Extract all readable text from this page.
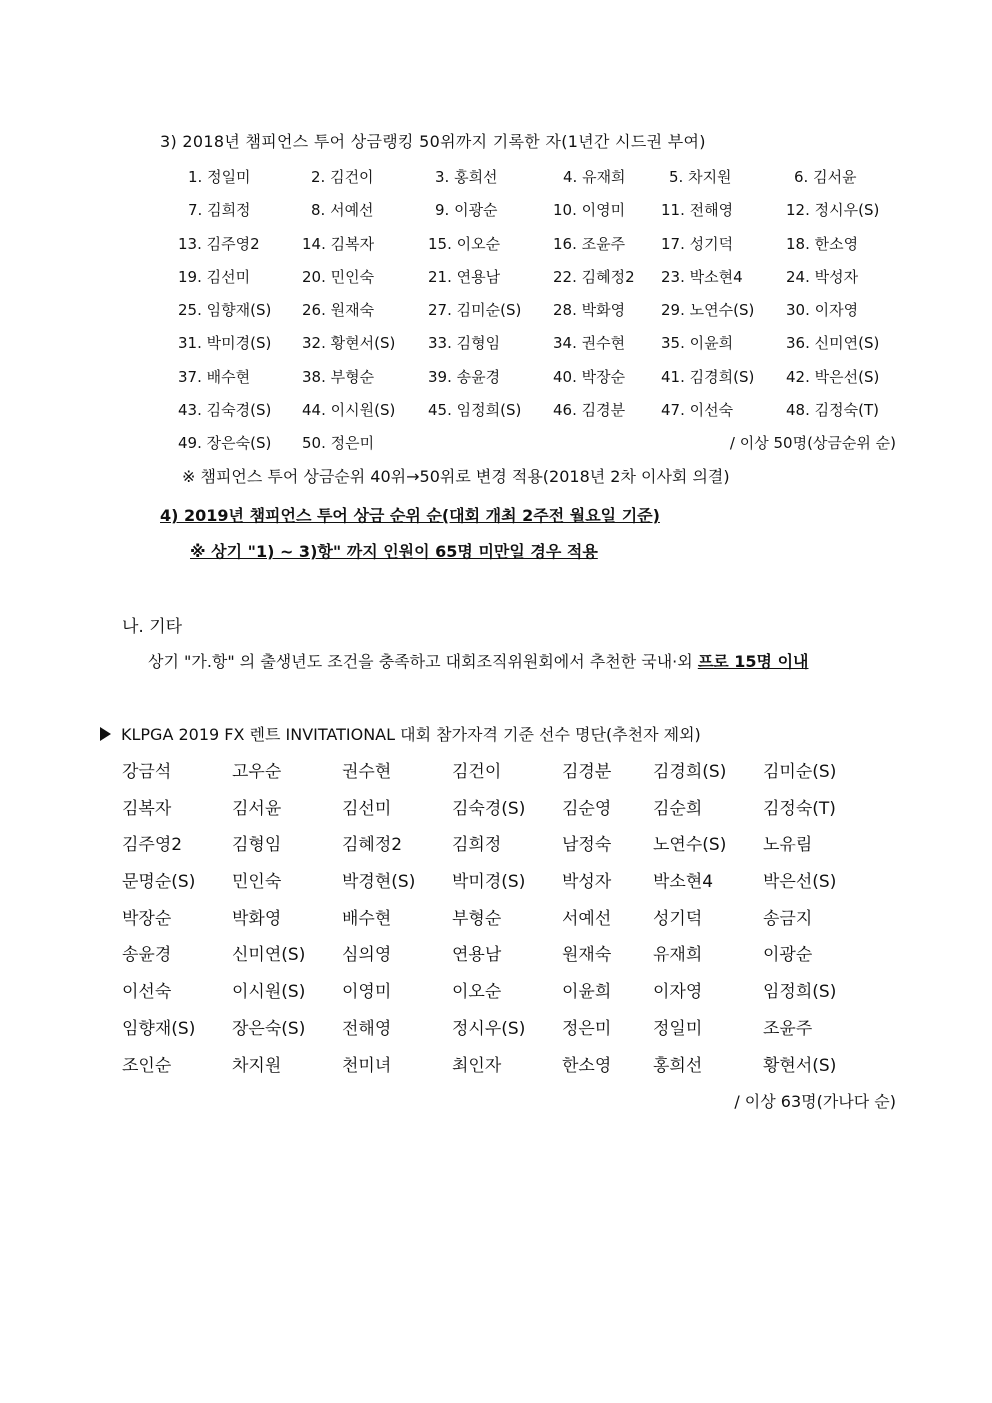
3) 2018년 챔피언스 투어 상금랭킹 50위까지 기록한 자(1년간 시드권 부여)
1. 정일미	2. 김건이	3. 홍희선	4. 유재희	5. 차지원	6. 김서윤
7. 김희정	8. 서예선	9. 이광순	10. 이영미 11. 전해영	12. 정시우(S)
13. 김주영2	14. 김복자	15. 이오순	16. 조윤주 17. 성기덕	18. 한소영
19. 김선미	20. 민인숙	21. 연용남	22. 김혜정2 23. 박소현4	24. 박성자
25. 임향재(S) 26. 원재숙	27. 김미순(S) 28. 박화영 29. 노연수(S) 30. 이자영
31. 박미경(S) 32. 황현서(S) 33. 김형임	34. 권수현 35. 이윤희	36. 신미연(S)
37. 배수현	38. 부형순	39. 송윤경	40. 박장순 41. 김경희(S) 42. 박은선(S)
43. 김숙경(S) 44. 이시원(S) 45. 임정희(S) 46. 김경분 47. 이선숙	48. 김정숙(T)
49. 장은숙(S) 50. 정은미	/ 이상 50명(상금순위 순)
※ 챔피언스 투어 상금순위 40위→50위로 변경 적용(2018년 2차 이사회 의결)
4) 2019년 챔피언스 투어 상금 순위 순(대회 개최 2주전 월요일 기준)
※ 상기 "1) ~ 3)항" 까지 인원이 65명 미만일 경우 적용
나. 기타
상기 "가.항" 의 출생년도 조건을 충족하고 대회조직위원회에서 추천한 국내·외 프로 15명 이내
KLPGA 2019 FX 렌트 INVITATIONAL 대회 참가자격 기준 선수 명단(추천자 제외)
강금석	고우순	권수현	김건이	김경분 김경희(S) 김미순(S)
김복자	김서윤	김선미	김숙경(S) 김순영 김순희	김정숙(T)
김주영2	김형임	김혜정2	김희정	남정숙 노연수(S) 노유림
문명순(S) 민인숙	박경현(S) 박미경(S) 박성자 박소현4	박은선(S)
박장순	박화영	배수현	부형순	서예선 성기덕	송금지
송윤경	신미연(S) 심의영	연용남	원재숙 유재희	이광순
이선숙	이시원(S) 이영미	이오순	이윤희 이자영	임정희(S)
임향재(S) 장은숙(S) 전해영	정시우(S) 정은미 정일미	조윤주
조인순	차지원	천미녀	최인자	한소영 홍희선	황현서(S)
/ 이상 63명(가나다 순)
